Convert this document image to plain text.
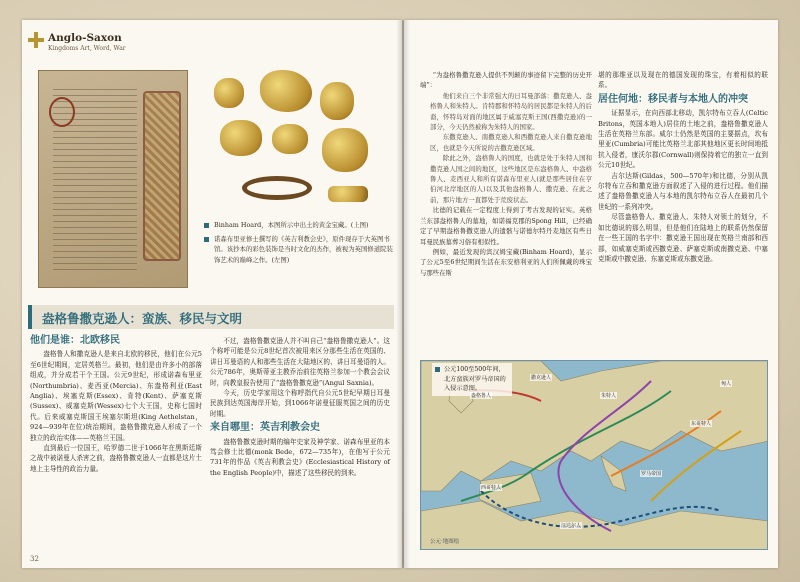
Anglo-Saxon
Kingdoms Art, Word, War
Binham Hoard，本图所示中出土的黄金宝藏。(上图)
诺森布里亚修士撰写的《英吉利教会史》，原件现存于大英图书馆。该抄本的彩色装饰是当时文化的杰作，被视为英国修道院装饰艺术的巅峰之作。(左图)
盎格鲁撒克逊人：蛮族、移民与文明
他们是谁：北欧移民

盎格鲁人和撒克逊人是来自北欧的移民，他们在公元5至6世纪期间，定居英格兰。最初，他们是由许多小的部落组成，并分成若干个王国。公元9世纪，形成诺森布里亚(Northumbria)、麦西亚(Mercia)、东盎格利亚(East Anglia)、埃塞克斯(Essex)、肯特(Kent)、萨塞克斯(Sussex)、威塞克斯(Wessex)七个大王国，史称七国时代。后来威塞克斯国王埃塞尔斯坦(King Aethelstan，924—939年在位)统治期间，盎格鲁撒克逊人形成了一个独立的政治实体——英格兰王国。

直到最后一位国王，哈罗德二世于1066年在黑斯廷斯之战中被诺曼人杀害之前，盎格鲁撒克逊人一直都是这片土地上主导性的政治力量。

不过，盎格鲁撒克逊人并不叫自己“盎格鲁撒克逊人”。这个称呼可能是公元8世纪首次被用来区分那些生活在英国的、讲日耳曼语的人和那些生活在大陆地区的、讲日耳曼语的人。公元786年，奥斯蒂亚主教乔治前往英格兰参加一个教会会议时，向教皇报告使用了“盎格鲁撒克逊”(Angul Saxnia)。

今天，历史学家用这个称呼指代自公元5世纪早期日耳曼民族到达英国海岸开始，到1066年诺曼征服英国之间的历史时期。

来自哪里：英吉利教会史

盎格鲁撒克逊时期的编年史家及神学家、诺森布里亚的本笃会修士比德(monk Bede，672—735年)，在他写于公元731年的作品《英吉利教会史》(Ecclesiastical History of the English People)中，描述了这些移民的到来。

32

“为盎格鲁撒克逊人提供不列颠的事迹留下完整的历史开端”：

他们来自三个非常强大的日耳曼部落：撒克逊人、盎格鲁人和朱特人。肯特郡和怀特岛的居民都是朱特人的后裔，怀特岛对面的地区属于威塞克斯王国(西撒克逊)的一部分，今天仍然被称为朱特人的国家。

东撒克逊人、南撒克逊人和西撒克逊人来自撒克逊地区，也就是今天所说的古撒克逊区域。

除此之外，盎格鲁人的国度，也就是处于朱特人国和撒克逊人国之间的地区，这些地区是东盎格鲁人、中盎格鲁人、麦西亚人和所有诺森布里亚人(就是那些居住在亨伯河北岸地区的人)以及其他盎格鲁人、撒克逊、在此之前，那片地方一直都处于荒废状态。

比德的记载在一定程度上得到了考古发现的证实。英格兰东部盎格鲁人的墓地，如诺福克郡的Spong Hill，已经确定了早期盎格鲁撒克逊人的遗骸与诺德尔特丹麦地区有些日耳曼民族墓葬习俗有相似性。

例如，最近发现的宾汉姆宝藏(Binham Hoard)，显示了公元5至6世纪期间生活在东安格利亚的人们所佩戴的珠宝与那些在斯

堪的那维亚以及现在的德国发现的珠宝，有着相似的联系。

居住何地：移民者与本地人的冲突

证据显示，在向西部北移动，凯尔特布立吞人(Celtic Britons，英国本地人)居住的土地之前，盎格鲁撒克逊人生活在英格兰东部。威尔士仍然是英国的主要据点，坎布里亚(Cumbria)可能比英格兰北部其他地区更长时间地抵抗入侵者，康沃尔郡(Cornwall)则保持着它的独立一直到公元10世纪。

吉尔达斯(Gildas，500—570年)和比德，分别从凯尔特布立吞和撒克逊方面叙述了入侵的进行过程。他们描述了盎格鲁撒克逊人与本地的凯尔特布立吞人在最初几个世纪的一系列冲突。

尽管盎格鲁人、撒克逊人、朱特人对领土的划分，不如比德说的那么明显，但是他们在陆地上的联系仍然保留在一些王国的名字中：撒克逊王国出现在英格兰南部和西部，如威塞克斯或西撒克逊、萨塞克斯或南撒克逊、中塞克斯或中撒克逊、东塞克斯或东撒克逊。

公元100至500年间，北方蛮族对罗马帝国的入侵示意图。
盎格鲁人
撒克逊人
朱特人
西哥特人
东哥特人
汪达尔人
匈人
罗马帝国
公元·地图绘
